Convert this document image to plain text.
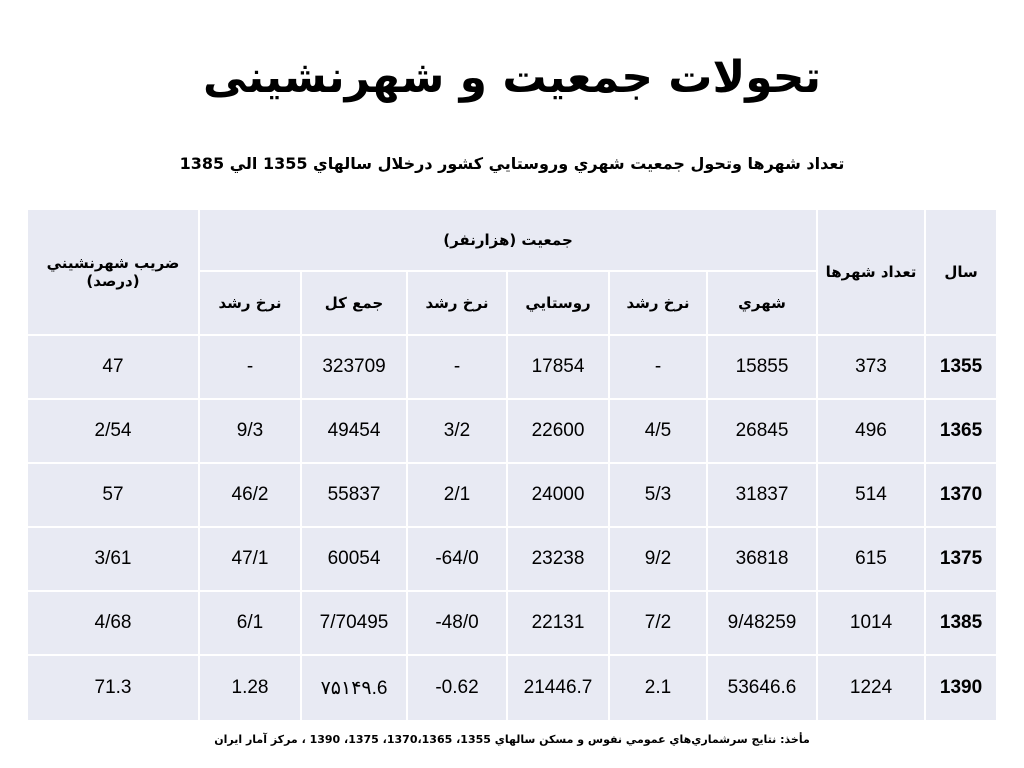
تحولات جمعیت و شهرنشینی
تعداد شهرها وتحول جمعيت شهري وروستايي كشور درخلال سالهاي 1355 الي 1385
سال	تعداد شهرها	جمعیت (هزارنفر)						ضريب شهرنشيني (درصد)
		شهري	نرخ رشد	روستايي	نرخ رشد	جمع كل	نرخ رشد	
1355	373	15855	-	17854	-	323709	-	47
1365	496	26845	4/5	22600	3/2	49454	9/3	2/54
1370	514	31837	5/3	24000	2/1	55837	46/2	57
1375	615	36818	9/2	23238	-64/0	60054	47/1	3/61
1385	1014	9/48259	7/2	22131	-48/0	7/70495	6/1	4/68
1390	1224	53646.6	2.1	21446.7	-0.62	۷۵۱۴۹.6	1.28	71.3
مأخذ: نتايج سرشماري‌هاي عمومي نفوس و مسكن سالهاي 1355، 1370،1365، 1375، 1390 ، مركز آمار ايران
